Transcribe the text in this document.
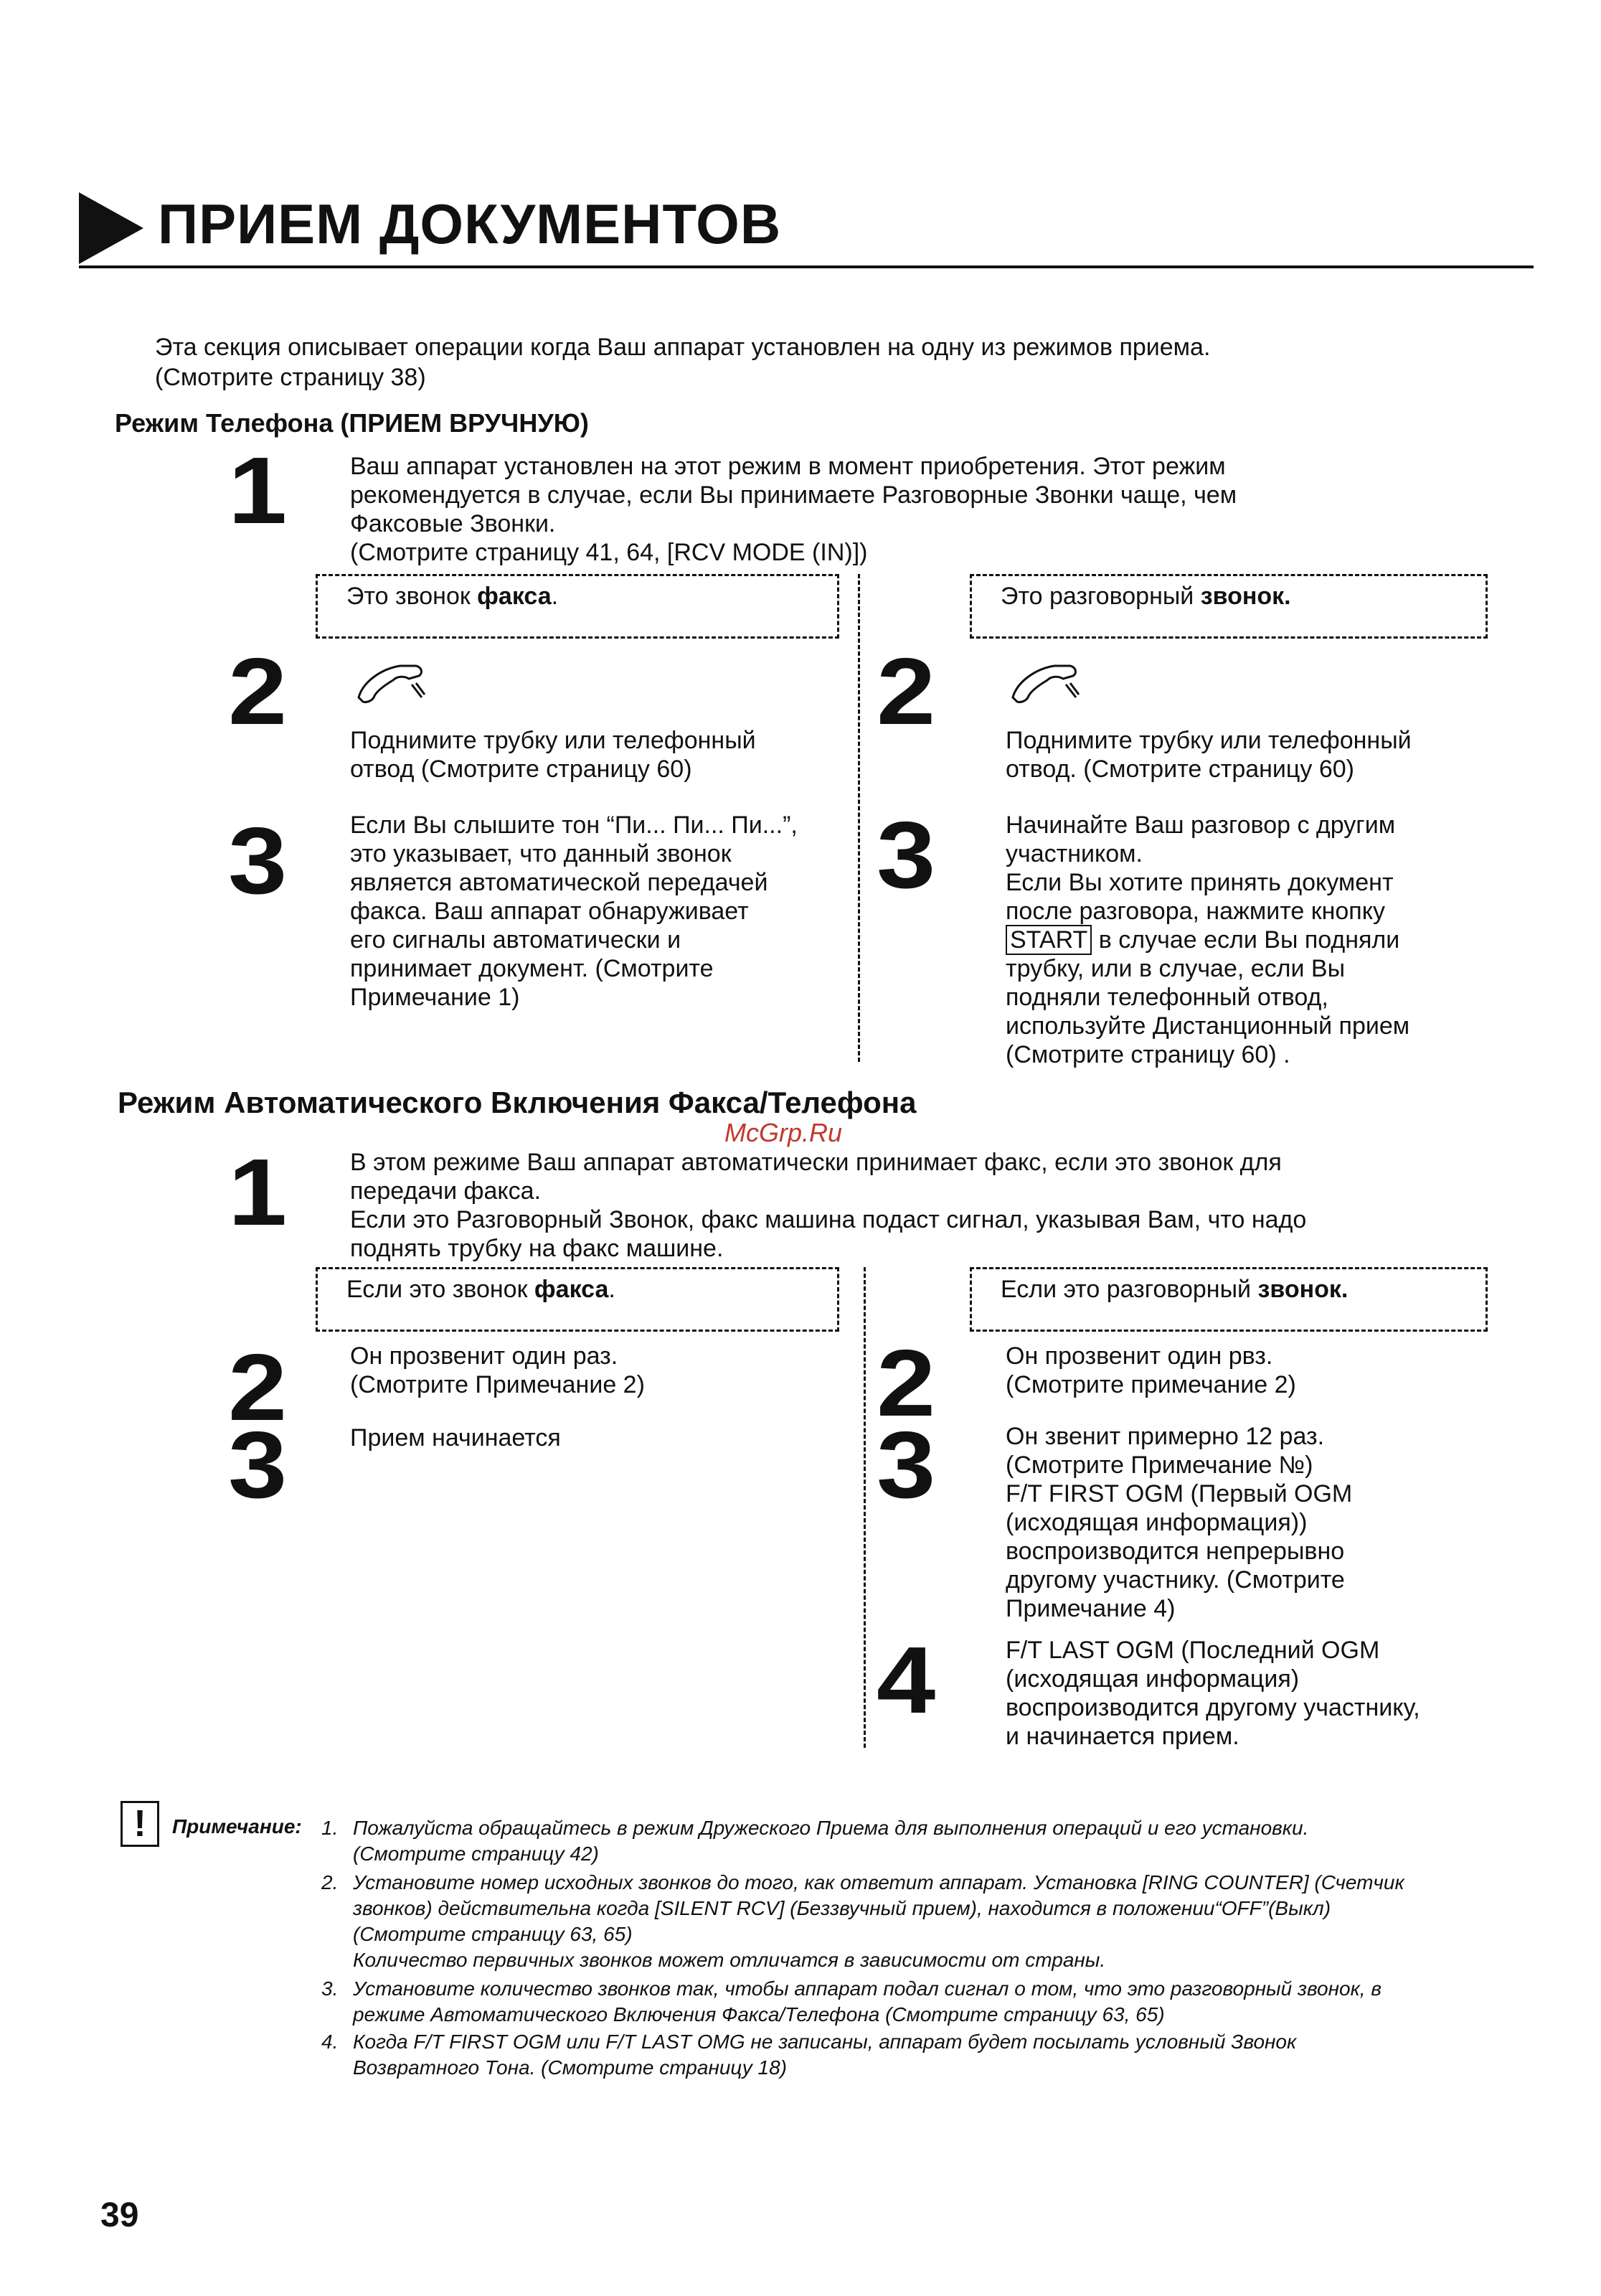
ПРИЕМ ДОКУМЕНТОВ
Эта секция описывает операции когда Ваш аппарат установлен на одну из режимов приема.
(Смотрите страницу 38)
Режим Телефона (ПРИЕМ ВРУЧНУЮ)
1	Ваш аппарат установлен на этот режим в момент приобретения. Этот режим
рекомендуется в случае, если Вы принимаете Разговорные Звонки чаще, чем
Факсовые Звонки.
(Смотрите страницу 41, 64, [RCV MODE (IN)])
Это звонок факса.	Это разговорный звонок.
2	Поднимите трубку или телефонный
отвод (Смотрите страницу 60)
3	Если Вы слышите тон “Пи... Пи... Пи...”,
это указывает, что данный звонок
является автоматической передачей
факса. Ваш аппарат обнаруживает
его сигналы автоматически и
принимает документ. (Смотрите
Примечание 1)
2	Поднимите трубку или телефонный
отвод. (Смотрите страницу 60)
3	Начинайте Ваш разговор с другим
участником.
Если Вы хотите принять документ
после разговора, нажмите кнопку
START в случае если Вы подняли
трубку, или в случае, если Вы
подняли телефонный отвод,
используйте Дистанционный прием
(Смотрите страницу 60) .
Режим Автоматического Включения Факса/Телефона
McGrp.Ru
1	В этом режиме Ваш аппарат автоматически принимает факс, если это звонок для
передачи факса.
Если это Разговорный Звонок, факс машина подаст сигнал, указывая Вам, что надо
поднять трубку на факс машине.
Если это звонок факса.	Если это разговорный звонок.
2	Он прозвенит один раз.
(Смотрите Примечание 2)
3	Прием начинается
2	Он прозвенит один рвз.
(Смотрите примечание 2)
3	Он звенит примерно 12 раз.
(Смотрите Примечание №)
F/T FIRST OGM (Первый OGM
(исходящая информация))
воспроизводится непрерывно
другому участнику. (Смотрите
Примечание 4)
4	F/T LAST OGM (Последний OGM
(исходящая информация)
воспроизводится другому участнику,
и начинается прием.
!	Примечание: 1. Пожалуйста обращайтесь в режим Дружеского Приема для выполнения операций и его установки.
(Смотрите страницу 42)
2. Установите номер исходных звонков до того, как ответит аппарат. Установка [RING COUNTER] (Счетчик
звонков) действительна когда [SILENT RCV] (Беззвучный прием), находится в положении“OFF”(Выкл)
(Смотрите страницу 63, 65)
Количество первичных звонков может отличатся в зависимости от страны.
3. Установите количество звонков так, чтобы аппарат подал сигнал о том, что это разговорный звонок, в
режиме Автоматического Включения Факса/Телефона (Смотрите страницу 63, 65)
4. Когда F/T FIRST OGM или F/T LAST OMG не записаны, аппарат будет посылать условный Звонок
Возвратного Тона. (Смотрите страницу 18)
39
